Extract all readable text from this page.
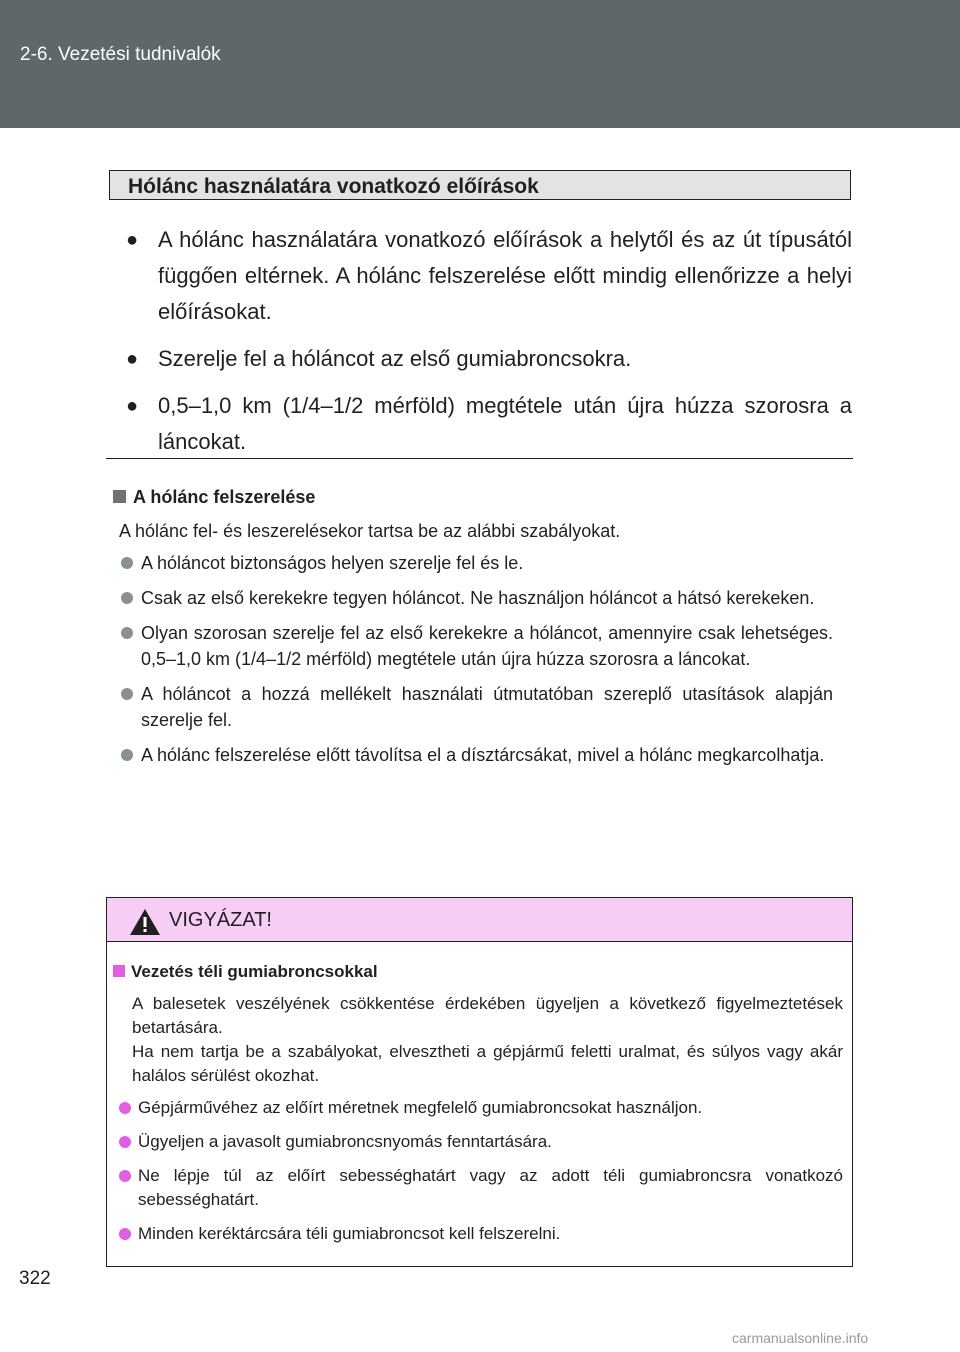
2-6. Vezetési tudnivalók
Hólánc használatára vonatkozó előírások
● A hólánc használatára vonatkozó előírások a helytől és az út típusától függően eltérnek. A hólánc felszerelése előtt mindig ellenőrizze a helyi előírásokat.
● Szerelje fel a hóláncot az első gumiabroncsokra.
● 0,5–1,0 km (1/4–1/2 mérföld) megtétele után újra húzza szorosra a láncokat.
A hólánc felszerelése
A hólánc fel- és leszerelésekor tartsa be az alábbi szabályokat.
A hóláncot biztonságos helyen szerelje fel és le.
Csak az első kerekekre tegyen hóláncot. Ne használjon hóláncot a hátsó kerekeken.
Olyan szorosan szerelje fel az első kerekekre a hóláncot, amennyire csak lehetséges. 0,5–1,0 km (1/4–1/2 mérföld) megtétele után újra húzza szorosra a láncokat.
A hóláncot a hozzá mellékelt használati útmutatóban szereplő utasítások alapján szerelje fel.
A hólánc felszerelése előtt távolítsa el a dísztárcsákat, mivel a hólánc megkarcolhatja.
VIGYÁZAT!
Vezetés téli gumiabroncsokkal
A balesetek veszélyének csökkentése érdekében ügyeljen a következő figyelmeztetések betartására.
Ha nem tartja be a szabályokat, elvesztheti a gépjármű feletti uralmat, és súlyos vagy akár halálos sérülést okozhat.
Gépjárművéhez az előírt méretnek megfelelő gumiabroncsokat használjon.
Ügyeljen a javasolt gumiabroncsnyomás fenntartására.
Ne lépje túl az előírt sebességhatárt vagy az adott téli gumiabroncsra vonatkozó sebességhatárt.
Minden keréktárcsára téli gumiabroncsot kell felszerelni.
322
carmanualsonline.info
